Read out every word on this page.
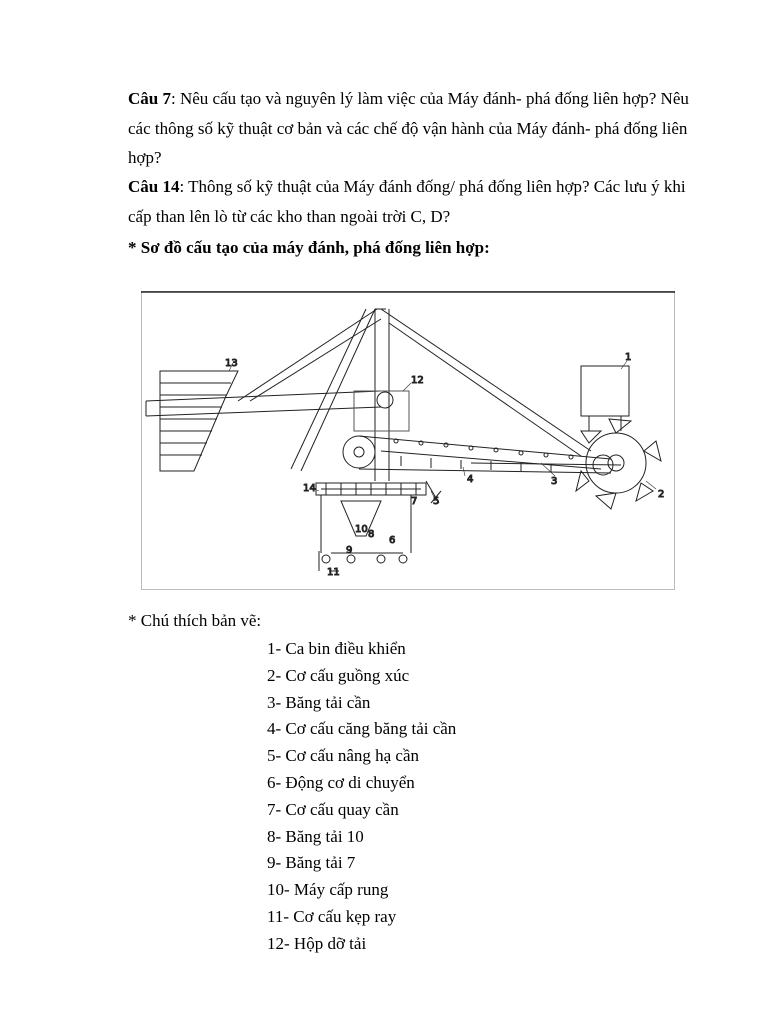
Câu 7: Nêu cấu tạo và nguyên lý làm việc của Máy đánh- phá đống liên hợp? Nêu các thông số kỹ thuật cơ bản và các chế độ vận hành của Máy đánh- phá đống liên hợp?

Câu 14: Thông số kỹ thuật của Máy đánh đống/ phá đống liên hợp? Các lưu ý khi cấp than lên lò từ các kho than ngoài trời C, D?

* Sơ đồ cấu tạo của máy đánh, phá đống liên hợp:

1
2
3
4
5
6
7
8
9
10
11
12
13
14

* Chú thích bản vẽ:

1- Ca bin điều khiển
2- Cơ cấu guồng xúc
3- Băng tải cần
4- Cơ cấu căng băng tải cần
5- Cơ cấu nâng hạ cần
6- Động cơ di chuyển
7- Cơ cấu quay cần
8- Băng tải 10
9- Băng tải 7
10- Máy cấp rung
11- Cơ cấu kẹp ray
12- Hộp dỡ tải
